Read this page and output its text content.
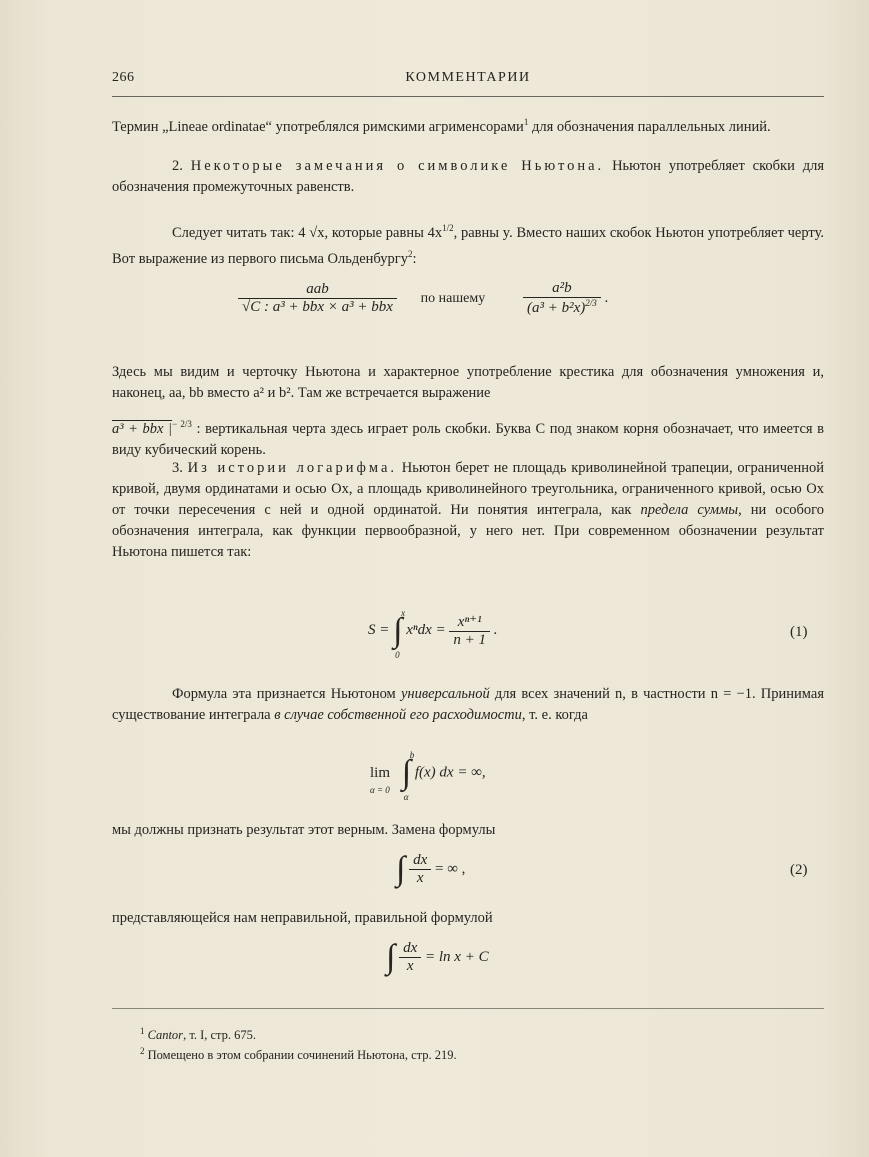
266	КОММЕНТАРИИ

Термин „Lineae ordinatae“ употреблялся римскими агрименсорами$^1$ для обозначения параллельных линий.

2. Некоторые замечания о символике Ньютона. Ньютон употребляет скобки для обозначения промежуточных равенств.

Следует читать так: 4 √x, которые равны $4x^{1/2}$, равны y. Вместо наших скобок Ньютон употребляет черту. Вот выражение из первого письма Ольденбургу$^2$:

$\frac{\text{aab}}{\text{√C : a³ + bbx × a³ + bbx}}$ по нашему	$\frac{\text{a²b}}{(a^3 + b^2x)^{2/3}}$ .

Здесь мы видим и черточку Ньютона и характерное употребление крестика для обозначения умножения и, наконец, aa, bb вместо a² и b². Там же встречается выражение

a³ + bbx $|^{- 2/3}$ : вертикальная черта здесь играет роль скобки. Буква C под знаком корня обозначает, что имеется в виду кубический корень.

3. Из истории логарифма. Ньютон берет не площадь криволинейной трапеции, ограниченной кривой, двумя ординатами и осью Ox, а площадь криволинейного треугольника, ограниченного кривой, осью Ox от точки пересечения с ней и одной ординатой. Ни понятия интеграла, как предела суммы, ни особого обозначения интеграла, как функции первообразной, у него нет. При современном обозначении результат Ньютона пишется так:

S = ∫
x
0
$x^ndx = \frac{\text{xⁿ⁺¹}}{n + 1}$ .	(1)

Формула эта признается Ньютоном универсальной для всех значений n, в частности n = −1. Принимая существование интеграла в случае собственной его расходимости, т. е. когда

lim
α = 0 ∫
b
α
f(x) dx = ∞,

мы должны признать результат этот верным. Замена формулы

∫ $\frac{dx}{x}$ = ∞ ,	(2)

представляющейся нам неправильной, правильной формулой

∫ $\frac{dx}{x} = \ln x + C$
$^1$ Cantor, т. I, стр. 675.
$^2$ Помещено в этом собрании сочинений Ньютона, стр. 219.
